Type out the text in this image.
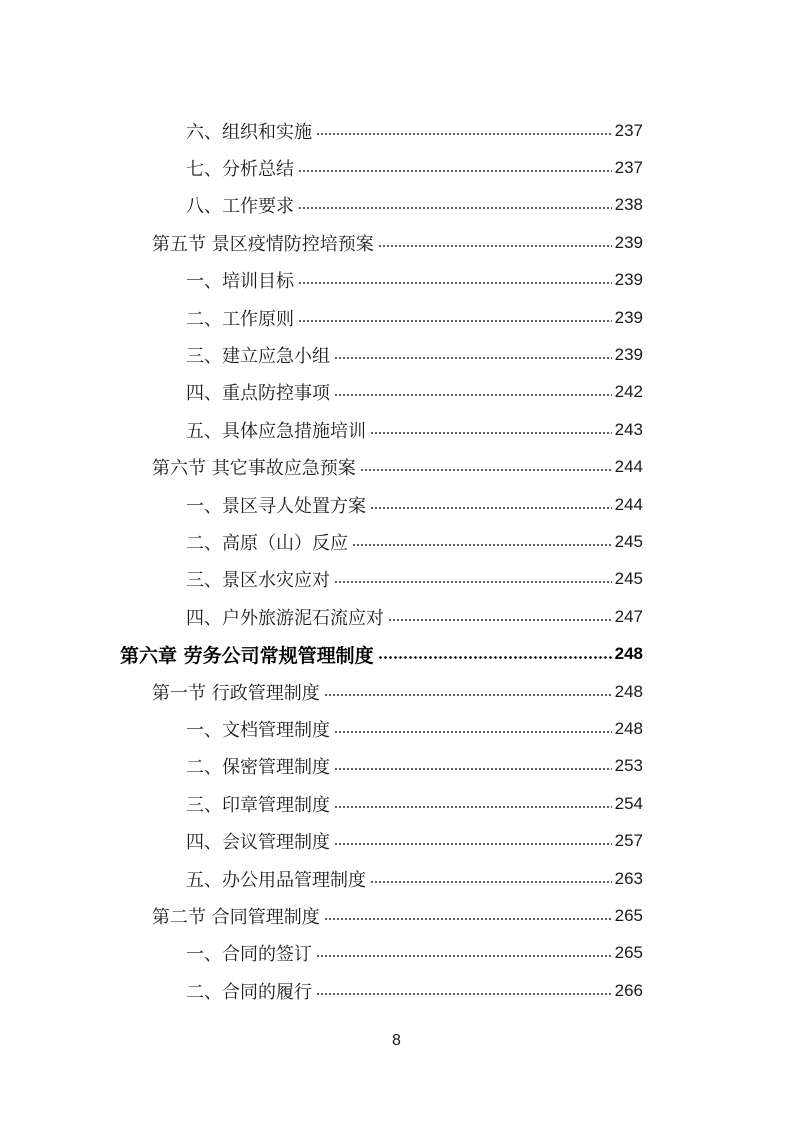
六、组织和实施	237
七、分析总结	237
八、工作要求	238
第五节 景区疫情防控培预案	239
一、培训目标	239
二、工作原则	239
三、建立应急小组	239
四、重点防控事项	242
五、具体应急措施培训	243
第六节 其它事故应急预案	244
一、景区寻人处置方案	244
二、高原（山）反应	245
三、景区水灾应对	245
四、户外旅游泥石流应对	247
第六章 劳务公司常规管理制度	248
第一节 行政管理制度	248
一、文档管理制度	248
二、保密管理制度	253
三、印章管理制度	254
四、会议管理制度	257
五、办公用品管理制度	263
第二节 合同管理制度	265
一、合同的签订	265
二、合同的履行	266
8
